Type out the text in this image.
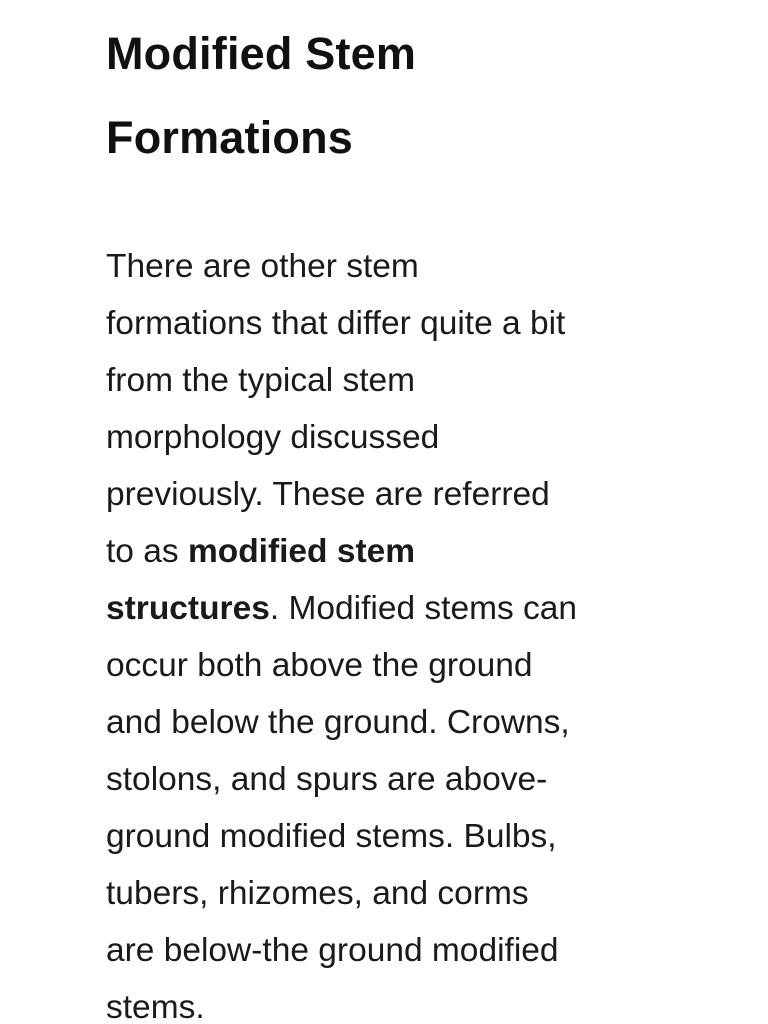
Modified Stem
Formations

There are other stem
formations that differ quite a bit
from the typical stem
morphology discussed
previously. These are referred
to as modified stem
structures. Modified stems can
occur both above the ground
and below the ground. Crowns,
stolons, and spurs are above-
ground modified stems. Bulbs,
tubers, rhizomes, and corms
are below-the ground modified
stems.
